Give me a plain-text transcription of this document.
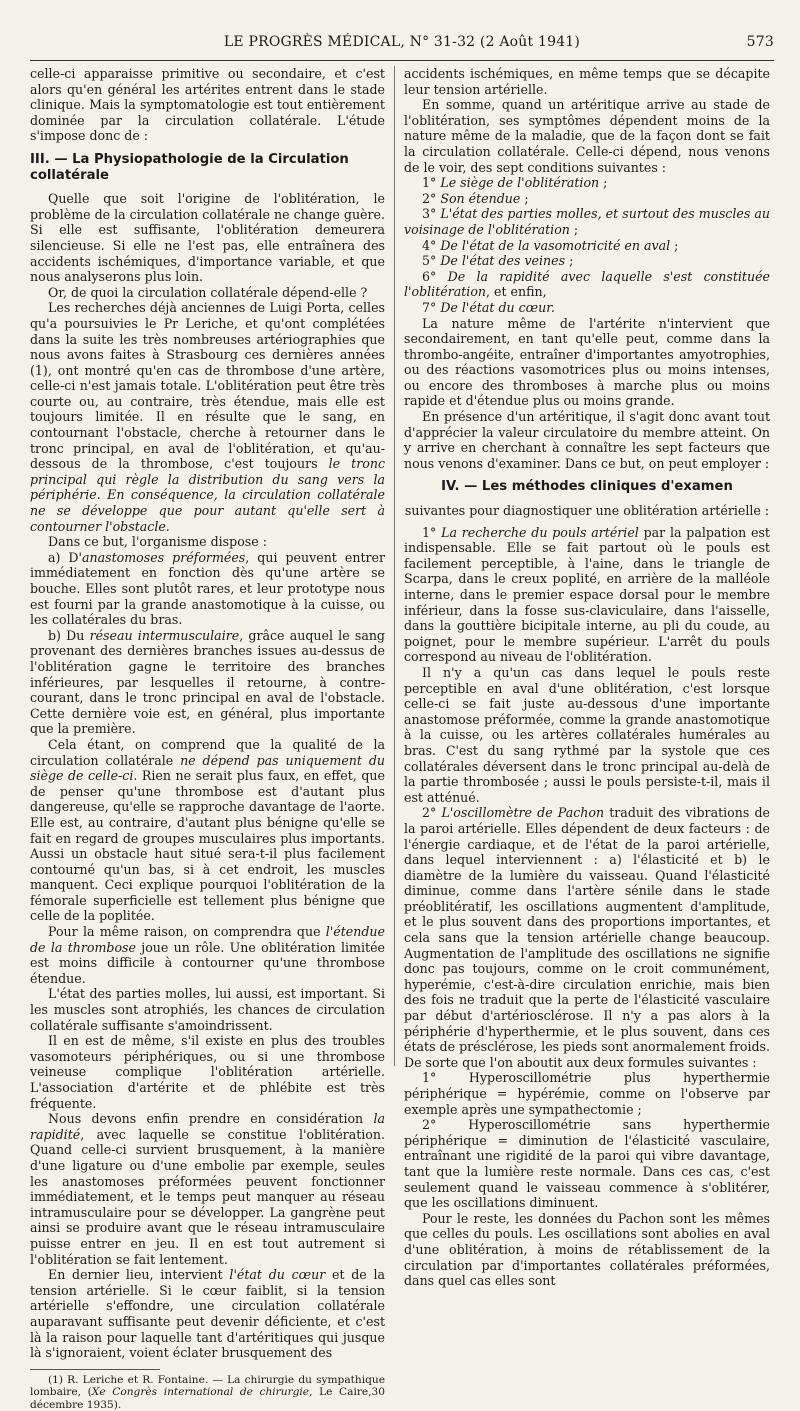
LE PROGRÈS MÉDICAL, N° 31-32 (2 Août 1941)	573

celle-ci apparaisse primitive ou secondaire, et c'est alors qu'en général les artérites entrent dans le stade clinique. Mais la symptomatologie est tout entièrement dominée par la circulation collatérale. L'étude s'impose donc de :

III. — La Physiopathologie de la Circulation collatérale

Quelle que soit l'origine de l'oblitération, le problème de la circulation collatérale ne change guère. Si elle est suffisante, l'oblitération demeurera silencieuse. Si elle ne l'est pas, elle entraînera des accidents ischémiques, d'importance variable, et que nous analyserons plus loin.

Or, de quoi la circulation collatérale dépend-elle ?

Les recherches déjà anciennes de Luigi Porta, celles qu'a poursuivies le Pr Leriche, et qu'ont complétées dans la suite les très nombreuses artériographies que nous avons faites à Strasbourg ces dernières années (1), ont montré qu'en cas de thrombose d'une artère, celle-ci n'est jamais totale. L'oblitération peut être très courte ou, au contraire, très étendue, mais elle est toujours limitée. Il en résulte que le sang, en contournant l'obstacle, cherche à retourner dans le tronc principal, en aval de l'oblitération, et qu'au-dessous de la thrombose, c'est toujours le tronc principal qui règle la distribution du sang vers la périphérie. En conséquence, la circulation collatérale ne se développe que pour autant qu'elle sert à contourner l'obstacle.

Dans ce but, l'organisme dispose :

a) D'anastomoses préformées, qui peuvent entrer immédiatement en fonction dès qu'une artère se bouche. Elles sont plutôt rares, et leur prototype nous est fourni par la grande anastomotique à la cuisse, ou les collatérales du bras.

b) Du réseau intermusculaire, grâce auquel le sang provenant des dernières branches issues au-dessus de l'oblitération gagne le territoire des branches inférieures, par lesquelles il retourne, à contre-courant, dans le tronc principal en aval de l'obstacle. Cette dernière voie est, en général, plus importante que la première.

Cela étant, on comprend que la qualité de la circulation collatérale ne dépend pas uniquement du siège de celle-ci. Rien ne serait plus faux, en effet, que de penser qu'une thrombose est d'autant plus dangereuse, qu'elle se rapproche davantage de l'aorte. Elle est, au contraire, d'autant plus bénigne qu'elle se fait en regard de groupes musculaires plus importants. Aussi un obstacle haut situé sera-t-il plus facilement contourné qu'un bas, si à cet endroit, les muscles manquent. Ceci explique pourquoi l'oblitération de la fémorale superficielle est tellement plus bénigne que celle de la poplitée.

Pour la même raison, on comprendra que l'étendue de la thrombose joue un rôle. Une oblitération limitée est moins difficile à contourner qu'une thrombose étendue.

L'état des parties molles, lui aussi, est important. Si les muscles sont atrophiés, les chances de circulation collatérale suffisante s'amoindrissent.

Il en est de même, s'il existe en plus des troubles vasomoteurs périphériques, ou si une thrombose veineuse complique l'oblitération artérielle. L'association d'artérite et de phlébite est très fréquente.

Nous devons enfin prendre en considération la rapidité, avec laquelle se constitue l'oblitération. Quand celle-ci survient brusquement, à la manière d'une ligature ou d'une embolie par exemple, seules les anastomoses préformées peuvent fonctionner immédiatement, et le temps peut manquer au réseau intramusculaire pour se développer. La gangrène peut ainsi se produire avant que le réseau intramusculaire puisse entrer en jeu. Il en est tout autrement si l'oblitération se fait lentement.

En dernier lieu, intervient l'état du cœur et de la tension artérielle. Si le cœur faiblit, si la tension artérielle s'effondre, une circulation collatérale auparavant suffisante peut devenir déficiente, et c'est là la raison pour laquelle tant d'artéritiques qui jusque là s'ignoraient, voient éclater brusquement des

(1) R. Leriche et R. Fontaine. — La chirurgie du sympathique lombaire, (Xe Congrès international de chirurgie, Le Caire,30 décembre 1935).

accidents ischémiques, en même temps que se décapite leur tension artérielle.

En somme, quand un artéritique arrive au stade de l'oblitération, ses symptômes dépendent moins de la nature même de la maladie, que de la façon dont se fait la circulation collatérale. Celle-ci dépend, nous venons de le voir, des sept conditions suivantes :

1° Le siège de l'oblitération ;

2° Son étendue ;

3° L'état des parties molles, et surtout des muscles au voisinage de l'oblitération ;

4° De l'état de la vasomotricité en aval ;

5° De l'état des veines ;

6° De la rapidité avec laquelle s'est constituée l'oblitération, et enfin,

7° De l'état du cœur.

La nature même de l'artérite n'intervient que secondairement, en tant qu'elle peut, comme dans la thrombo-angéite, entraîner d'importantes amyotrophies, ou des réactions vasomotrices plus ou moins intenses, ou encore des thromboses à marche plus ou moins rapide et d'étendue plus ou moins grande.

En présence d'un artéritique, il s'agit donc avant tout d'apprécier la valeur circulatoire du membre atteint. On y arrive en cherchant à connaître les sept facteurs que nous venons d'examiner. Dans ce but, on peut employer :

IV. — Les méthodes cliniques d'examen

suivantes pour diagnostiquer une oblitération artérielle :

1° La recherche du pouls artériel par la palpation est indispensable. Elle se fait partout où le pouls est facilement perceptible, à l'aine, dans le triangle de Scarpa, dans le creux poplité, en arrière de la malléole interne, dans le premier espace dorsal pour le membre inférieur, dans la fosse sus-claviculaire, dans l'aisselle, dans la gouttière bicipitale interne, au pli du coude, au poignet, pour le membre supérieur. L'arrêt du pouls correspond au niveau de l'oblitération.

Il n'y a qu'un cas dans lequel le pouls reste perceptible en aval d'une oblitération, c'est lorsque celle-ci se fait juste au-dessous d'une importante anastomose préformée, comme la grande anastomotique à la cuisse, ou les artères collatérales humérales au bras. C'est du sang rythmé par la systole que ces collatérales déversent dans le tronc principal au-delà de la partie thrombosée ; aussi le pouls persiste-t-il, mais il est atténué.

2° L'oscillomètre de Pachon traduit des vibrations de la paroi artérielle. Elles dépendent de deux facteurs : de l'énergie cardiaque, et de l'état de la paroi artérielle, dans lequel interviennent : a) l'élasticité et b) le diamètre de la lumière du vaisseau. Quand l'élasticité diminue, comme dans l'artère sénile dans le stade préoblitératif, les oscillations augmentent d'amplitude, et le plus souvent dans des proportions importantes, et cela sans que la tension artérielle change beaucoup. Augmentation de l'amplitude des oscillations ne signifie donc pas toujours, comme on le croit communément, hyperémie, c'est-à-dire circulation enrichie, mais bien des fois ne traduit que la perte de l'élasticité vasculaire par début d'artériosclérose. Il n'y a pas alors à la périphérie d'hyperthermie, et le plus souvent, dans ces états de présclérose, les pieds sont anormalement froids. De sorte que l'on aboutit aux deux formules suivantes :

1° Hyperoscillométrie plus hyperthermie périphérique = hypérémie, comme on l'observe par exemple après une sympathectomie ;

2° Hyperoscillométrie sans hyperthermie périphérique = diminution de l'élasticité vasculaire, entraînant une rigidité de la paroi qui vibre davantage, tant que la lumière reste normale. Dans ces cas, c'est seulement quand le vaisseau commence à s'oblitérer, que les oscillations diminuent.

Pour le reste, les données du Pachon sont les mêmes que celles du pouls. Les oscillations sont abolies en aval d'une oblitération, à moins de rétablissement de la circulation par d'importantes collatérales préformées, dans quel cas elles sont
